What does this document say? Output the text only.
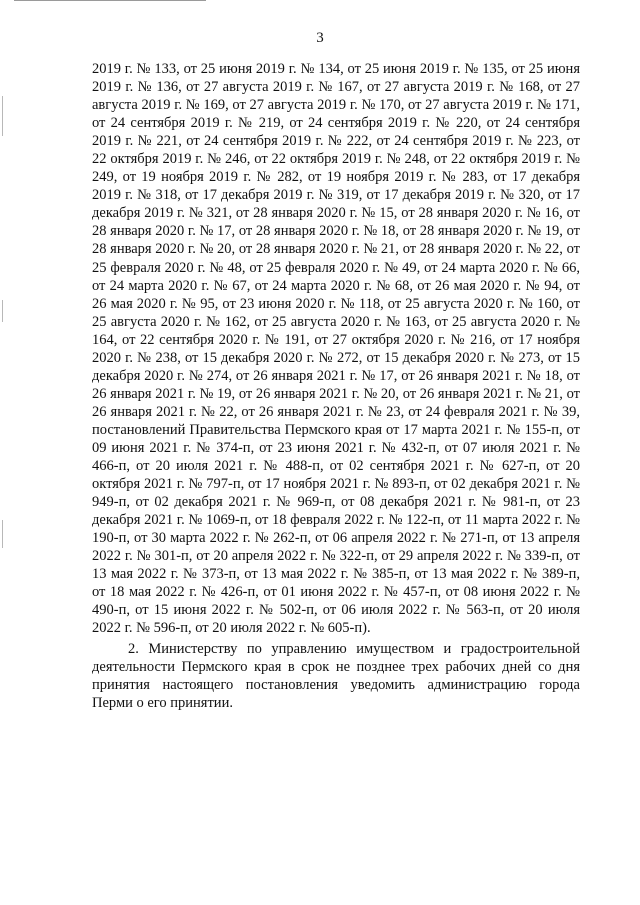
3

2019 г. № 133, от 25 июня 2019 г. № 134, от 25 июня 2019 г. № 135, от 25 июня 2019 г. № 136, от 27 августа 2019 г. № 167, от 27 августа 2019 г. № 168, от 27 августа 2019 г. № 169, от 27 августа 2019 г. № 170, от 27 августа 2019 г. № 171, от 24 сентября 2019 г. № 219, от 24 сентября 2019 г. № 220, от 24 сентября 2019 г. № 221, от 24 сентября 2019 г. № 222, от 24 сентября 2019 г. № 223, от 22 октября 2019 г. № 246, от 22 октября 2019 г. № 248, от 22 октября 2019 г. № 249, от 19 ноября 2019 г. № 282, от 19 ноября 2019 г. № 283, от 17 декабря 2019 г. № 318, от 17 декабря 2019 г. № 319, от 17 декабря 2019 г. № 320, от 17 декабря 2019 г. № 321, от 28 января 2020 г. № 15, от 28 января 2020 г. № 16, от 28 января 2020 г. № 17, от 28 января 2020 г. № 18, от 28 января 2020 г. № 19, от 28 января 2020 г. № 20, от 28 января 2020 г. № 21, от 28 января 2020 г. № 22, от 25 февраля 2020 г. № 48, от 25 февраля 2020 г. № 49, от 24 марта 2020 г. № 66, от 24 марта 2020 г. № 67, от 24 марта 2020 г. № 68, от 26 мая 2020 г. № 94, от 26 мая 2020 г. № 95, от 23 июня 2020 г. № 118, от 25 августа 2020 г. № 160, от 25 августа 2020 г. № 162, от 25 августа 2020 г. № 163, от 25 августа 2020 г. № 164, от 22 сентября 2020 г. № 191, от 27 октября 2020 г. № 216, от 17 ноября 2020 г. № 238, от 15 декабря 2020 г. № 272, от 15 декабря 2020 г. № 273, от 15 декабря 2020 г. № 274, от 26 января 2021 г. № 17, от 26 января 2021 г. № 18, от 26 января 2021 г. № 19, от 26 января 2021 г. № 20, от 26 января 2021 г. № 21, от 26 января 2021 г. № 22, от 26 января 2021 г. № 23, от 24 февраля 2021 г. № 39, постановлений Правительства Пермского края от 17 марта 2021 г. № 155-п, от 09 июня 2021 г. № 374-п, от 23 июня 2021 г. № 432-п, от 07 июля 2021 г. № 466-п, от 20 июля 2021 г. № 488-п, от 02 сентября 2021 г. № 627-п, от 20 октября 2021 г. № 797-п, от 17 ноября 2021 г. № 893-п, от 02 декабря 2021 г. № 949-п, от 02 декабря 2021 г. № 969-п, от 08 декабря 2021 г. № 981-п, от 23 декабря 2021 г. № 1069-п, от 18 февраля 2022 г. № 122-п, от 11 марта 2022 г. № 190-п, от 30 марта 2022 г. № 262-п, от 06 апреля 2022 г. № 271-п, от 13 апреля 2022 г. № 301-п, от 20 апреля 2022 г. № 322-п, от 29 апреля 2022 г. № 339-п, от 13 мая 2022 г. № 373-п, от 13 мая 2022 г. № 385-п, от 13 мая 2022 г. № 389-п, от 18 мая 2022 г. № 426-п, от 01 июня 2022 г. № 457-п, от 08 июня 2022 г. № 490-п, от 15 июня 2022 г. № 502-п, от 06 июля 2022 г. № 563-п, от 20 июля 2022 г. № 596-п, от 20 июля 2022 г. № 605-п).

2. Министерству по управлению имуществом и градостроительной деятельности Пермского края в срок не позднее трех рабочих дней со дня принятия настоящего постановления уведомить администрацию города Перми о его принятии.
